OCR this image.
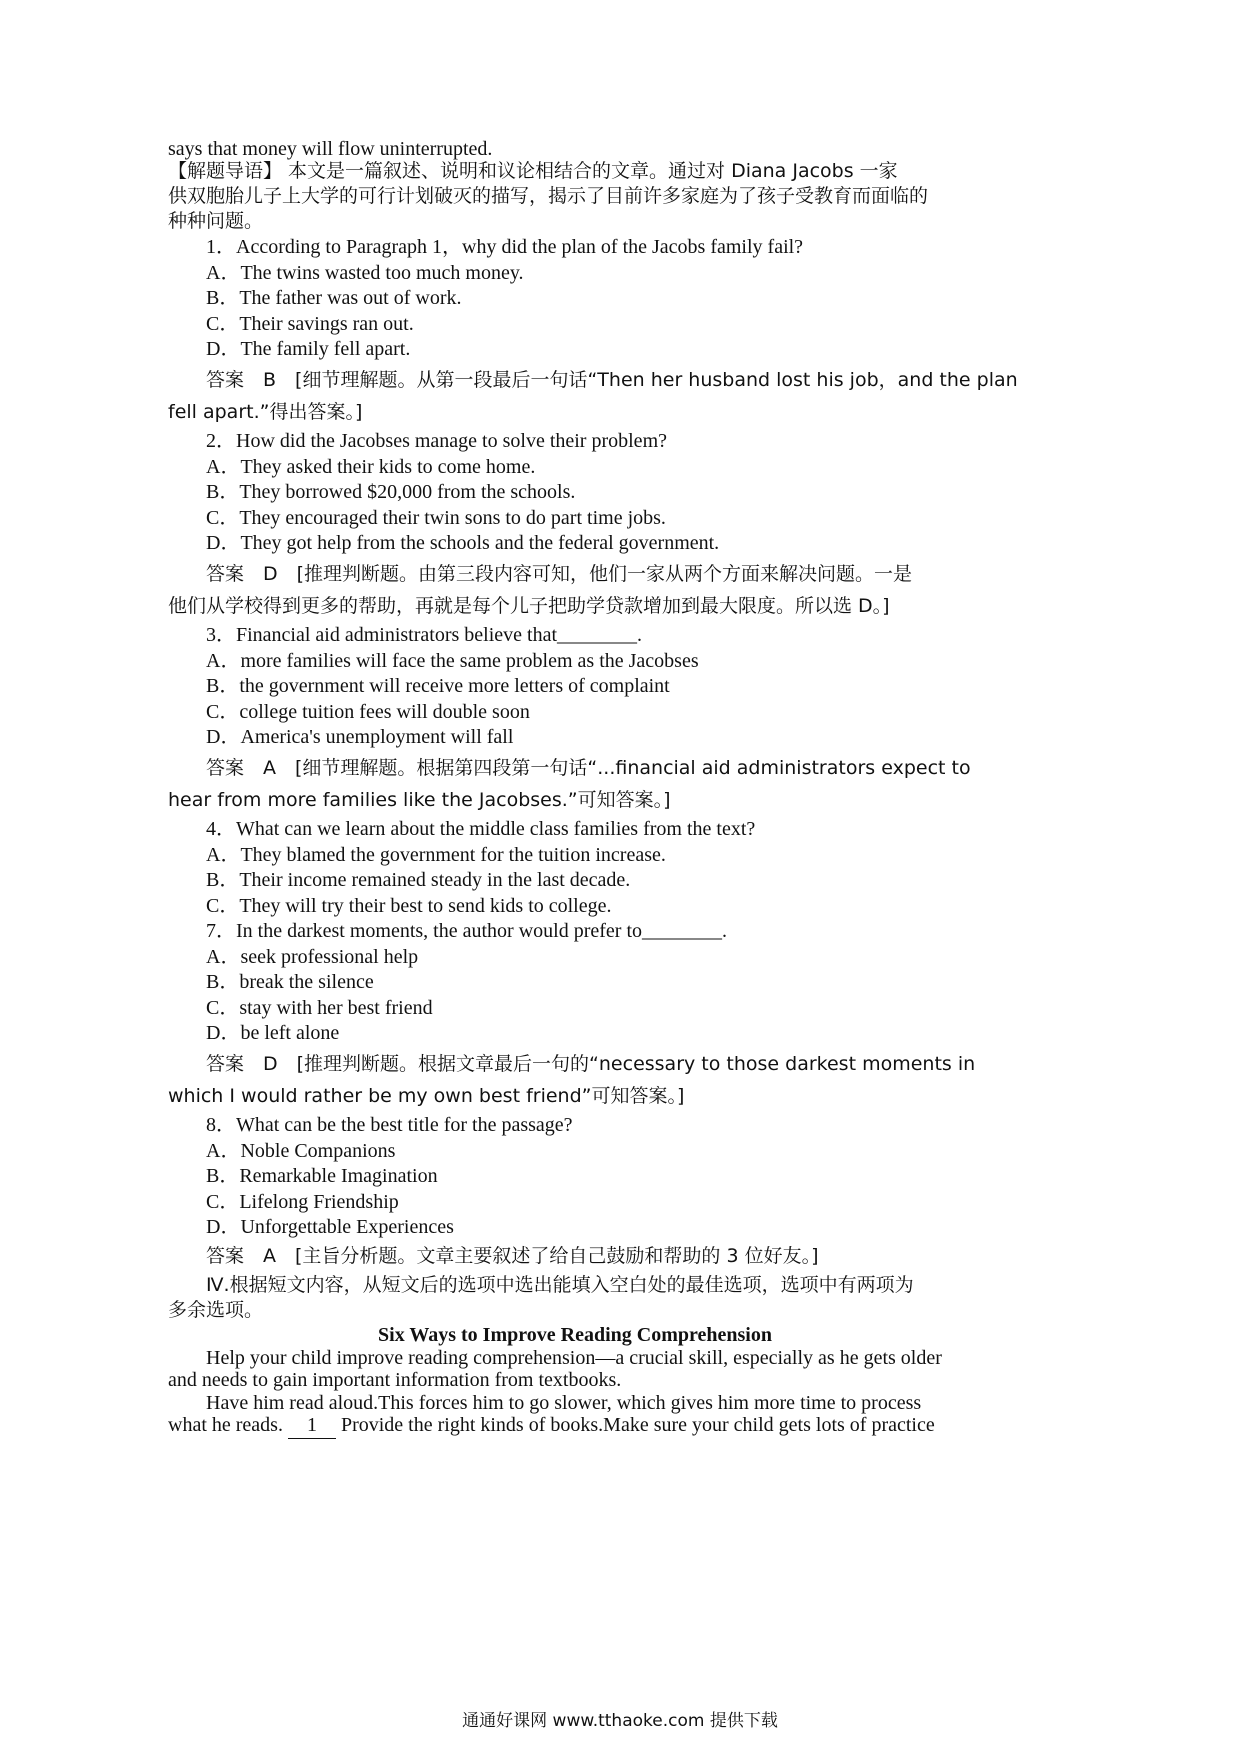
says that money will flow uninterrupted.
【解题导语】 本文是一篇叙述、说明和议论相结合的文章。通过对 Diana Jacobs 一家
供双胞胎儿子上大学的可行计划破灭的描写，揭示了目前许多家庭为了孩子受教育而面临的
种种问题。
1．According to Paragraph 1，why did the plan of the Jacobs family fail?
A．The twins wasted too much money.
B．The father was out of work.
C．Their savings ran out.
D．The family fell apart.
答案　B　[细节理解题。从第一段最后一句话“Then her husband lost his job，and the plan
fell apart.”得出答案。]
2．How did the Jacobses manage to solve their problem?
A．They asked their kids to come home.
B．They borrowed $20,000 from the schools.
C．They encouraged their twin sons to do part time jobs.
D．They got help from the schools and the federal government.
答案　D　[推理判断题。由第三段内容可知，他们一家从两个方面来解决问题。一是
他们从学校得到更多的帮助，再就是每个儿子把助学贷款增加到最大限度。所以选 D。]
3．Financial aid administrators believe that________.
A．more families will face the same problem as the Jacobses
B．the government will receive more letters of complaint
C．college tuition fees will double soon
D．America's unemployment will fall
答案　A　[细节理解题。根据第四段第一句话“...financial aid administrators expect to
hear from more families like the Jacobses.”可知答案。]
4．What can we learn about the middle class families from the text?
A．They blamed the government for the tuition increase.
B．Their income remained steady in the last decade.
C．They will try their best to send kids to college.
7．In the darkest moments, the author would prefer to________.
A．seek professional help
B．break the silence
C．stay with her best friend
D．be left alone
答案　D　[推理判断题。根据文章最后一句的“necessary to those darkest moments in
which I would rather be my own best friend”可知答案。]
8．What can be the best title for the passage?
A．Noble Companions
B．Remarkable Imagination
C．Lifelong Friendship
D．Unforgettable Experiences
答案　A　[主旨分析题。文章主要叙述了给自己鼓励和帮助的 3 位好友。]
Ⅳ.根据短文内容，从短文后的选项中选出能填入空白处的最佳选项，选项中有两项为
多余选项。
Six Ways to Improve Reading Comprehension
Help your child improve reading comprehension—a crucial skill, especially as he gets older
and needs to gain important information from textbooks.
Have him read aloud.This forces him to go slower, which gives him more time to process
what he reads. 1 Provide the right kinds of books.Make sure your child gets lots of practice
通通好课网 www.tthaoke.com 提供下载
